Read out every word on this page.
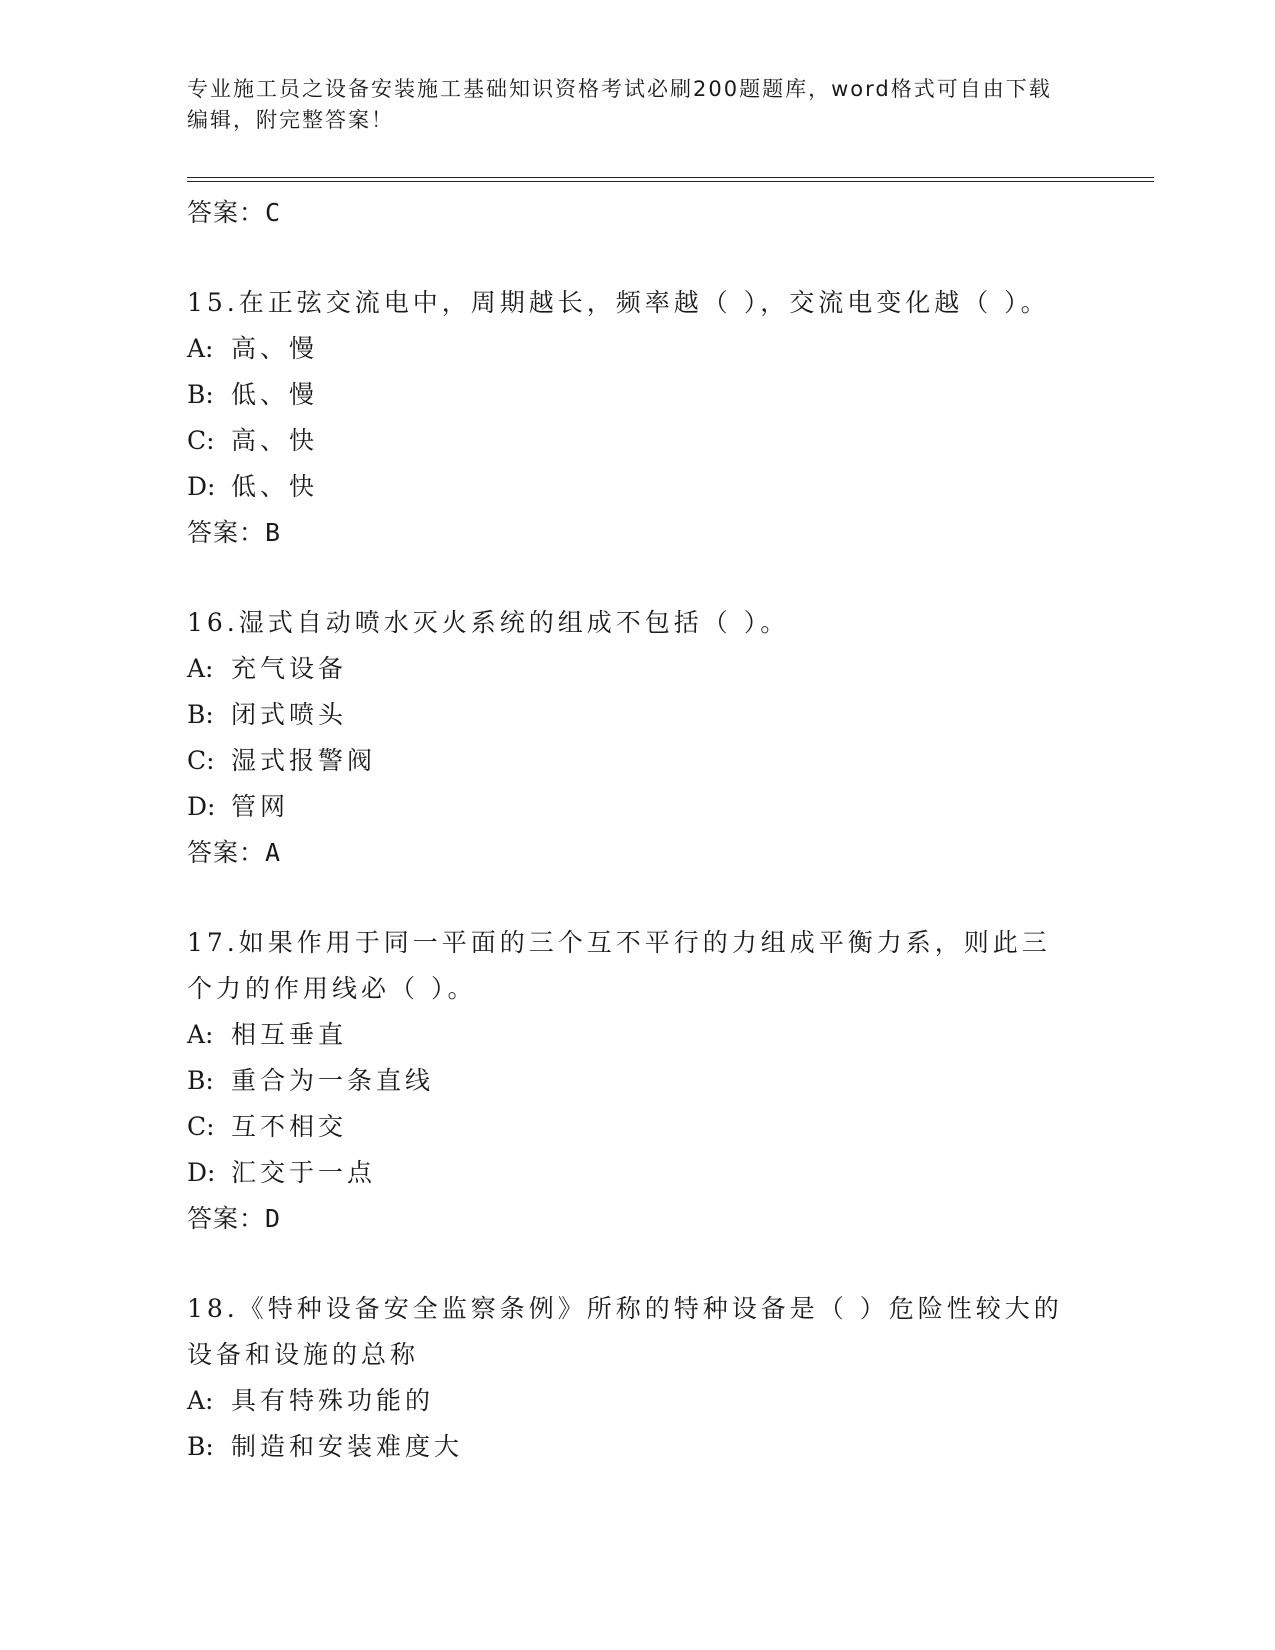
专业施工员之设备安装施工基础知识资格考试必刷200题题库，word格式可自由下载编辑，附完整答案！
答案：C
15.在正弦交流电中，周期越长，频率越（ ），交流电变化越（ ）。
A: 高、慢
B: 低、慢
C: 高、快
D: 低、快
答案：B
16.湿式自动喷水灭火系统的组成不包括（ ）。
A: 充气设备
B: 闭式喷头
C: 湿式报警阀
D: 管网
答案：A
17.如果作用于同一平面的三个互不平行的力组成平衡力系，则此三个力的作用线必（ ）。
A: 相互垂直
B: 重合为一条直线
C: 互不相交
D: 汇交于一点
答案：D
18.《特种设备安全监察条例》所称的特种设备是（ ）危险性较大的设备和设施的总称
A: 具有特殊功能的
B: 制造和安装难度大
